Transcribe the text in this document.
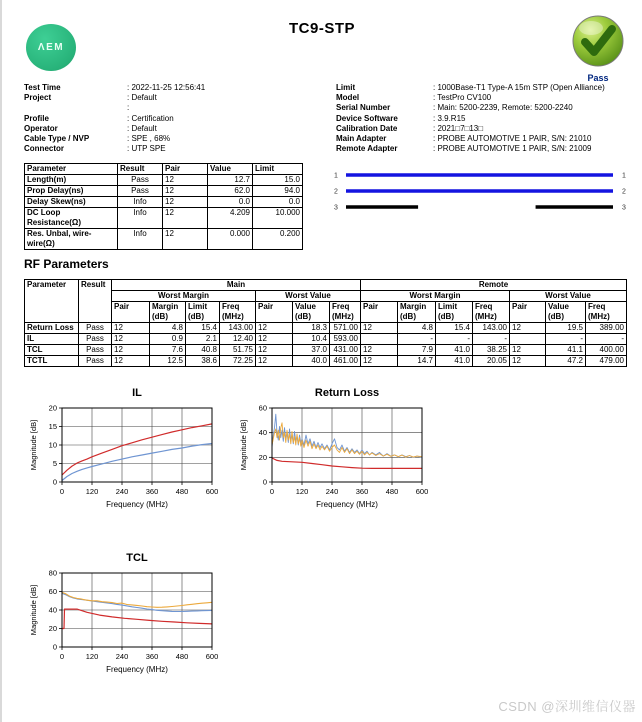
ΛEM
TC9-STP
Pass
Test Time	: 2022-11-25 12:56:41
Project	: Default
:
Profile	: Certification
Operator	: Default
Cable Type / NVP	: SPE , 68%
Connector	: UTP SPE
Limit	: 1000Base-T1 Type-A 15m STP (Open Alliance)
Model	: TestPro CV100
Serial Number	: Main: 5200-2239, Remote: 5200-2240
Device Software	: 3.9.R15
Calibration Date	: 2021□7□13□
Main Adapter	: PROBE AUTOMOTIVE 1 PAIR, S/N: 21010
Remote Adapter	: PROBE AUTOMOTIVE 1 PAIR, S/N: 21009
Parameter	Result	Pair	Value	Limit
Length(m)	Pass	12	12.7	15.0
Prop Delay(ns)	Pass	12	62.0	94.0
Delay Skew(ns)	Info	12	0.0	0.0
DC Loop Resistance(Ω)	Info	12	4.209	10.000
Res. Unbal, wire-wire(Ω)	Info	12	0.000	0.200
1	1
2	2
3	3
RF Parameters
Parameter	Result	Main							Remote						
		Worst Margin				Worst Value			Worst Margin				Worst Value		
		Pair	Margin (dB)	Limit (dB)	Freq (MHz)	Pair	Value (dB)	Freq (MHz)	Pair	Margin (dB)	Limit (dB)	Freq (MHz)	Pair	Value (dB)	Freq (MHz)
Return Loss	Pass	12	4.8	15.4	143.00	12	18.3	571.00	12	4.8	15.4	143.00	12	19.5	389.00
IL	Pass	12	0.9	2.1	12.40	12	10.4	593.00		-	-	-		-	-
TCL	Pass	12	7.6	40.8	51.75	12	37.0	431.00	12	7.9	41.0	38.25	12	41.1	400.00
TCTL	Pass	12	12.5	38.6	72.25	12	40.0	461.00	12	14.7	41.0	20.05	12	47.2	479.00
IL
0	120 240 360 480 600
0
5
10
15
20
Frequency (MHz)
Magnitude [dB]
Return Loss
0	120 240 360 480 600
0
20
40
60
Frequency (MHz)
Magnitude [dB]
TCL
0	120 240 360 480 600
0
20
40
60
80
Frequency (MHz)
Magnitude [dB]
CSDN @深圳维信仪器
